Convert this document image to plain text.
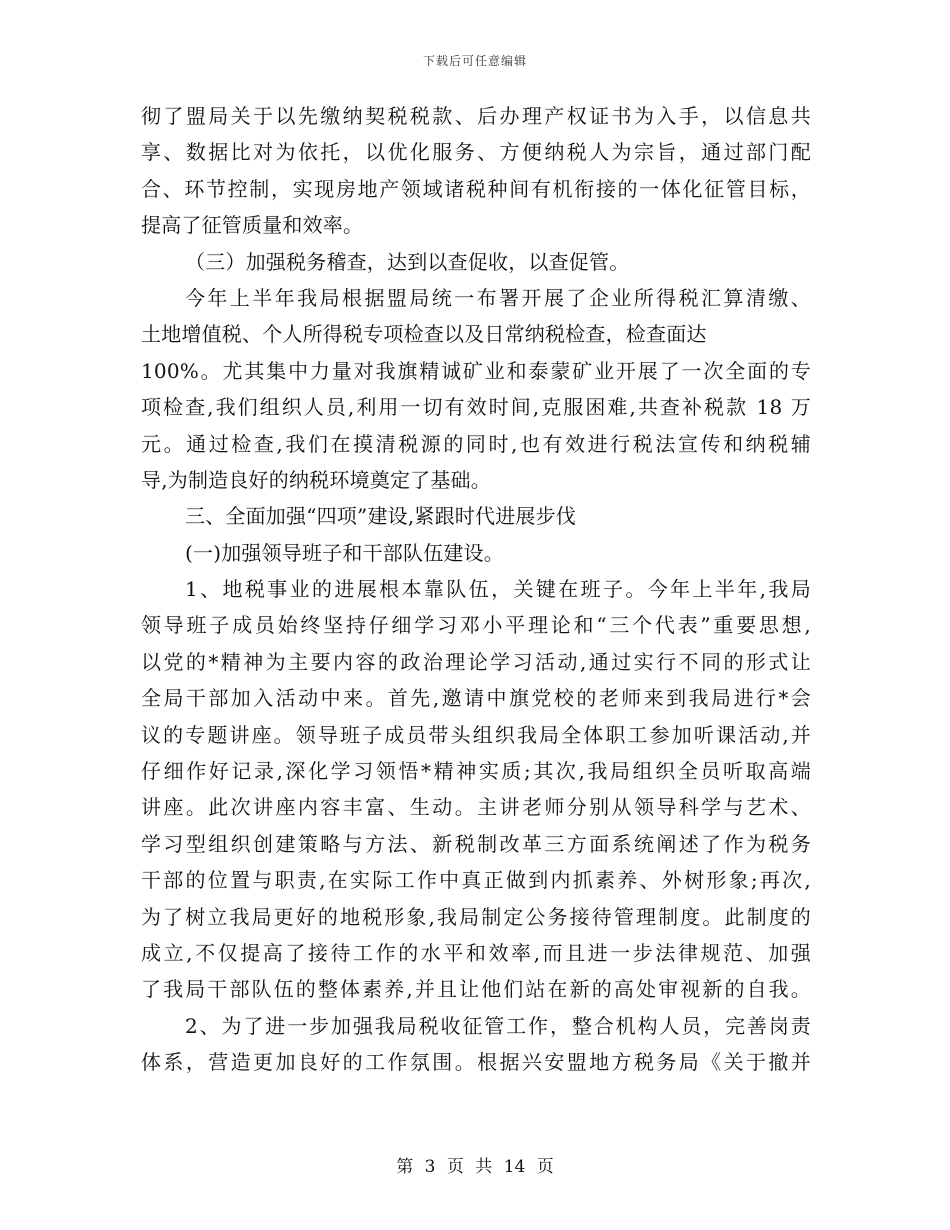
下载后可任意编辑
彻了盟局关于以先缴纳契税税款、后办理产权证书为入手，以信息共
享、数据比对为依托，以优化服务、方便纳税人为宗旨，通过部门配
合、环节控制，实现房地产领域诸税种间有机衔接的一体化征管目标，
提高了征管质量和效率。
（三）加强税务稽查，达到以查促收，以查促管。
今年上半年我局根据盟局统一布署开展了企业所得税汇算清缴、
土地增值税、个人所得税专项检查以及日常纳税检查，检查面达
100%。尤其集中力量对我旗精诚矿业和泰蒙矿业开展了一次全面的专
项检查,我们组织人员,利用一切有效时间,克服困难,共查补税款 18 万
元。通过检查,我们在摸清税源的同时,也有效进行税法宣传和纳税辅
导,为制造良好的纳税环境奠定了基础。
三、全面加强“四项”建设,紧跟时代进展步伐
(一)加强领导班子和干部队伍建设。
1、地税事业的进展根本靠队伍，关键在班子。今年上半年,我局
领导班子成员始终坚持仔细学习邓小平理论和“三个代表”重要思想,
以党的*精神为主要内容的政治理论学习活动,通过实行不同的形式让
全局干部加入活动中来。首先,邀请中旗党校的老师来到我局进行*会
议的专题讲座。领导班子成员带头组织我局全体职工参加听课活动,并
仔细作好记录,深化学习领悟*精神实质;其次,我局组织全员听取高端
讲座。此次讲座内容丰富、生动。主讲老师分别从领导科学与艺术、
学习型组织创建策略与方法、新税制改革三方面系统阐述了作为税务
干部的位置与职责,在实际工作中真正做到内抓素养、外树形象;再次,
为了树立我局更好的地税形象,我局制定公务接待管理制度。此制度的
成立,不仅提高了接待工作的水平和效率,而且进一步法律规范、加强
了我局干部队伍的整体素养,并且让他们站在新的高处审视新的自我。
2、为了进一步加强我局税收征管工作，整合机构人员，完善岗责
体系，营造更加良好的工作氛围。根据兴安盟地方税务局《关于撤并
第 3 页 共 14 页
